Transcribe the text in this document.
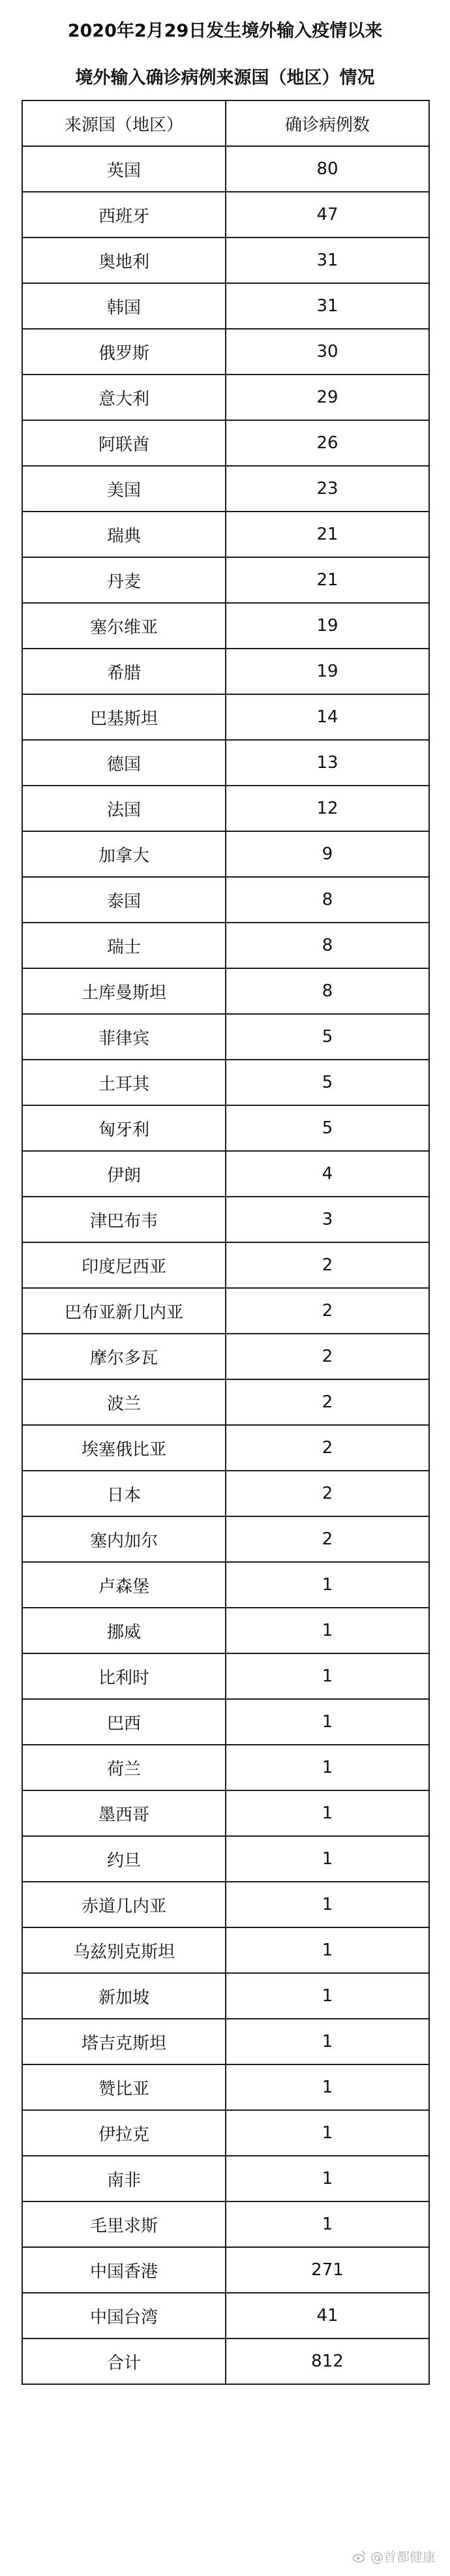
2020年2月29日发生境外输入疫情以来
境外输入确诊病例来源国（地区）情况
来源国（地区）	确诊病例数
英国	80
西班牙	47
奥地利	31
韩国	31
俄罗斯	30
意大利	29
阿联酋	26
美国	23
瑞典	21
丹麦	21
塞尔维亚	19
希腊	19
巴基斯坦	14
德国	13
法国	12
加拿大	9
泰国	8
瑞士	8
土库曼斯坦	8
菲律宾	5
土耳其	5
匈牙利	5
伊朗	4
津巴布韦	3
印度尼西亚	2
巴布亚新几内亚	2
摩尔多瓦	2
波兰	2
埃塞俄比亚	2
日本	2
塞内加尔	2
卢森堡	1
挪威	1
比利时	1
巴西	1
荷兰	1
墨西哥	1
约旦	1
赤道几内亚	1
乌兹别克斯坦	1
新加坡	1
塔吉克斯坦	1
赞比亚	1
伊拉克	1
南非	1
毛里求斯	1
中国香港	271
中国台湾	41
合计	812
@首都健康
